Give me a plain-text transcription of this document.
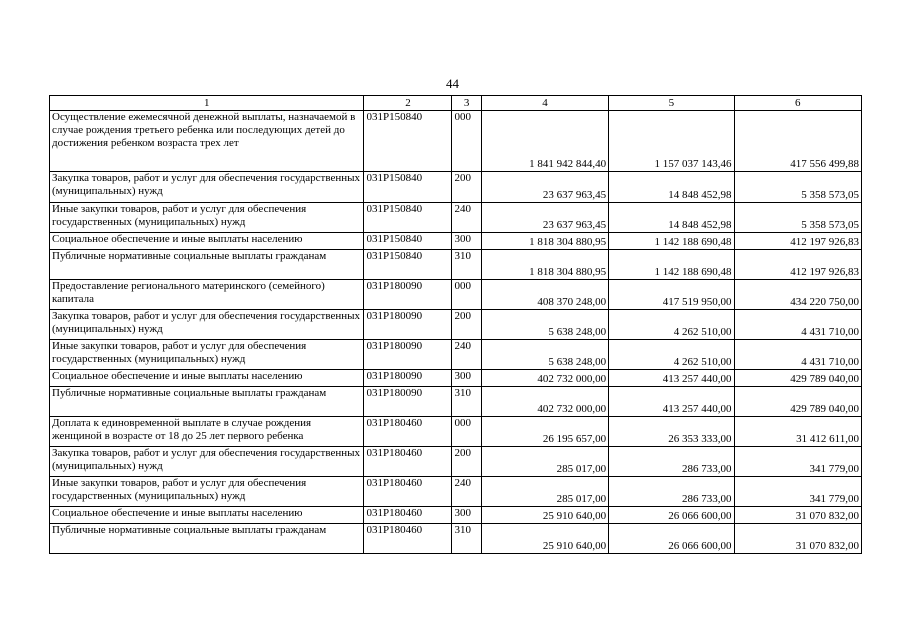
44
1	2	3	4	5	6
Осуществление ежемесячной денежной выплаты, назначаемой в случае рождения третьего ребенка или последующих детей до достижения ребенком возраста трех лет	031P150840	000	1 841 942 844,40	1 157 037 143,46	417 556 499,88
Закупка товаров, работ и услуг для обеспечения государственных (муниципальных) нужд	031P150840	200	23 637 963,45	14 848 452,98	5 358 573,05
Иные закупки товаров, работ и услуг для обеспечения государственных (муниципальных) нужд	031P150840	240	23 637 963,45	14 848 452,98	5 358 573,05
Социальное обеспечение и иные выплаты населению	031P150840	300	1 818 304 880,95	1 142 188 690,48	412 197 926,83
Публичные нормативные социальные выплаты гражданам	031P150840	310	1 818 304 880,95	1 142 188 690,48	412 197 926,83
Предоставление регионального материнского (семейного) капитала	031P180090	000	408 370 248,00	417 519 950,00	434 220 750,00
Закупка товаров, работ и услуг для обеспечения государственных (муниципальных) нужд	031P180090	200	5 638 248,00	4 262 510,00	4 431 710,00
Иные закупки товаров, работ и услуг для обеспечения государственных (муниципальных) нужд	031P180090	240	5 638 248,00	4 262 510,00	4 431 710,00
Социальное обеспечение и иные выплаты населению	031P180090	300	402 732 000,00	413 257 440,00	429 789 040,00
Публичные нормативные социальные выплаты гражданам	031P180090	310	402 732 000,00	413 257 440,00	429 789 040,00
Доплата к единовременной выплате в случае рождения женщиной в возрасте от 18 до 25 лет первого ребенка	031P180460	000	26 195 657,00	26 353 333,00	31 412 611,00
Закупка товаров, работ и услуг для обеспечения государственных (муниципальных) нужд	031P180460	200	285 017,00	286 733,00	341 779,00
Иные закупки товаров, работ и услуг для обеспечения государственных (муниципальных) нужд	031P180460	240	285 017,00	286 733,00	341 779,00
Социальное обеспечение и иные выплаты населению	031P180460	300	25 910 640,00	26 066 600,00	31 070 832,00
Публичные нормативные социальные выплаты гражданам	031P180460	310	25 910 640,00	26 066 600,00	31 070 832,00
